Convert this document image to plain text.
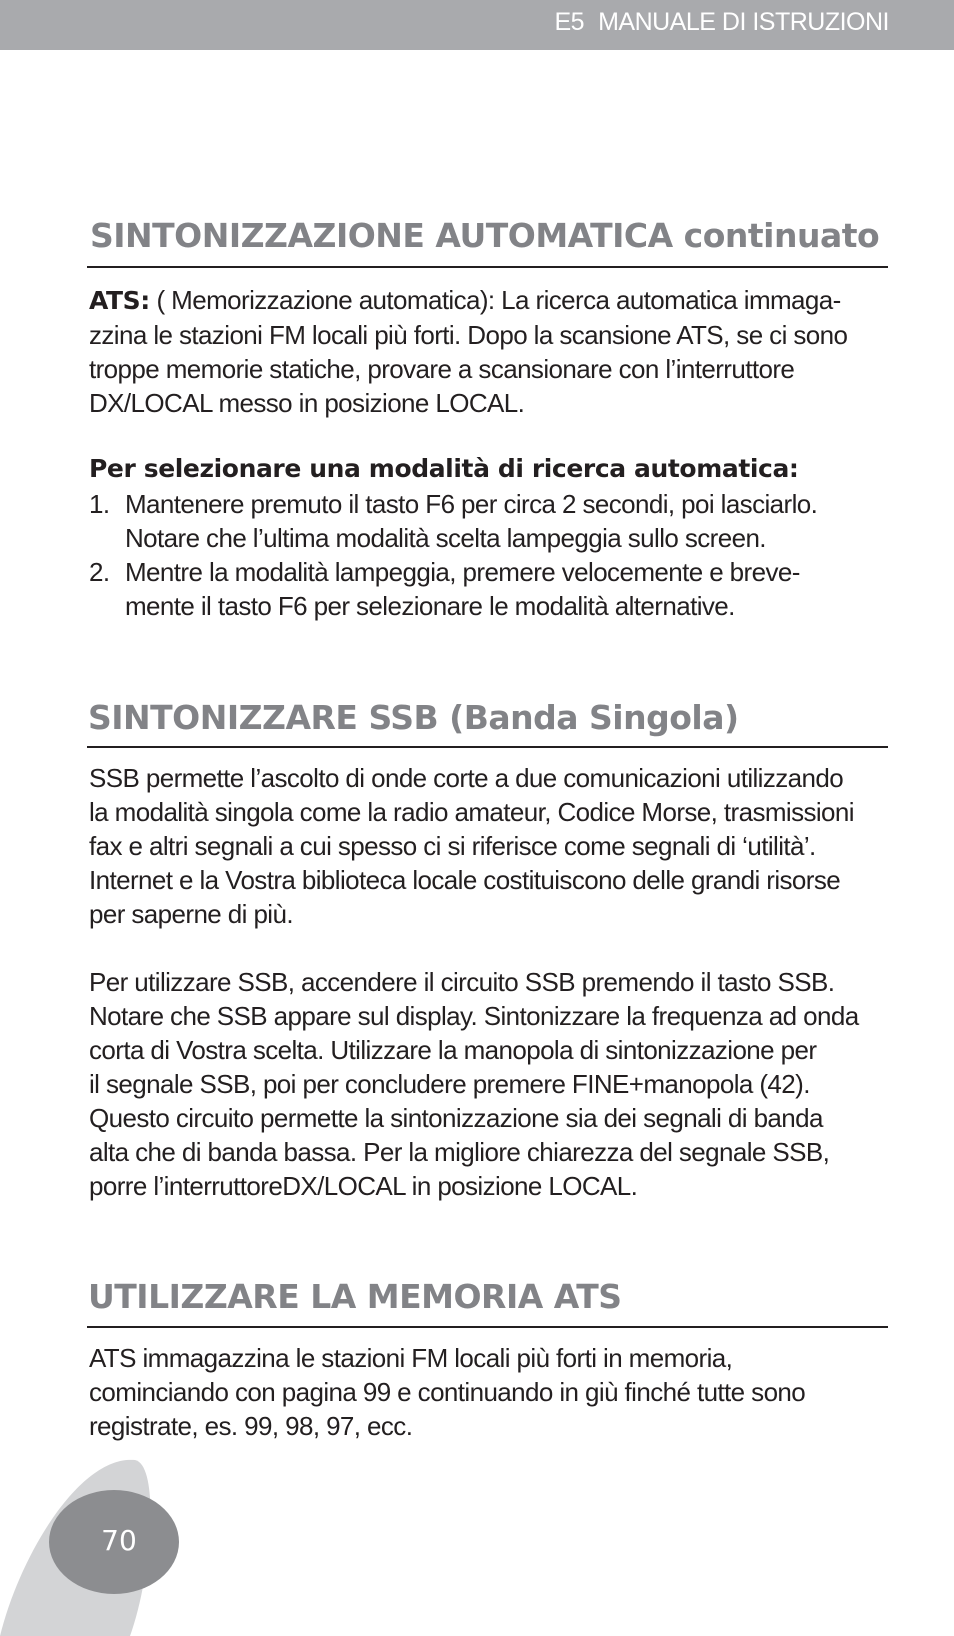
E5 MANUALE DI ISTRUZIONI
SINTONIZZAZIONE AUTOMATICA continuato
ATS: ( Memorizzazione automatica): La ricerca automatica immaga-
zzina le stazioni FM locali più forti. Dopo la scansione ATS, se ci sono
troppe memorie statiche, provare a scansionare con l’interruttore
DX/LOCAL messo in posizione LOCAL.
Per selezionare una modalità di ricerca automatica:
1. Mantenere premuto il tasto F6 per circa 2 secondi, poi lasciarlo.
Notare che l’ultima modalità scelta lampeggia sullo screen.
2. Mentre la modalità lampeggia, premere velocemente e breve-
mente il tasto F6 per selezionare le modalità alternative.
SINTONIZZARE SSB (Banda Singola)
SSB permette l’ascolto di onde corte a due comunicazioni utilizzando
la modalità singola come la radio amateur, Codice Morse, trasmissioni
fax e altri segnali a cui spesso ci si riferisce come segnali di ‘utilità’.
Internet e la Vostra biblioteca locale costituiscono delle grandi risorse
per saperne di più.
Per utilizzare SSB, accendere il circuito SSB premendo il tasto SSB.
Notare che SSB appare sul display. Sintonizzare la frequenza ad onda
corta di Vostra scelta. Utilizzare la manopola di sintonizzazione per
il segnale SSB, poi per concludere premere FINE+manopola (42).
Questo circuito permette la sintonizzazione sia dei segnali di banda
alta che di banda bassa. Per la migliore chiarezza del segnale SSB,
porre l’interruttoreDX/LOCAL in posizione LOCAL.
UTILIZZARE LA MEMORIA ATS
ATS immagazzina le stazioni FM locali più forti in memoria,
cominciando con pagina 99 e continuando in giù finché tutte sono
registrate, es. 99, 98, 97, ecc.
70
